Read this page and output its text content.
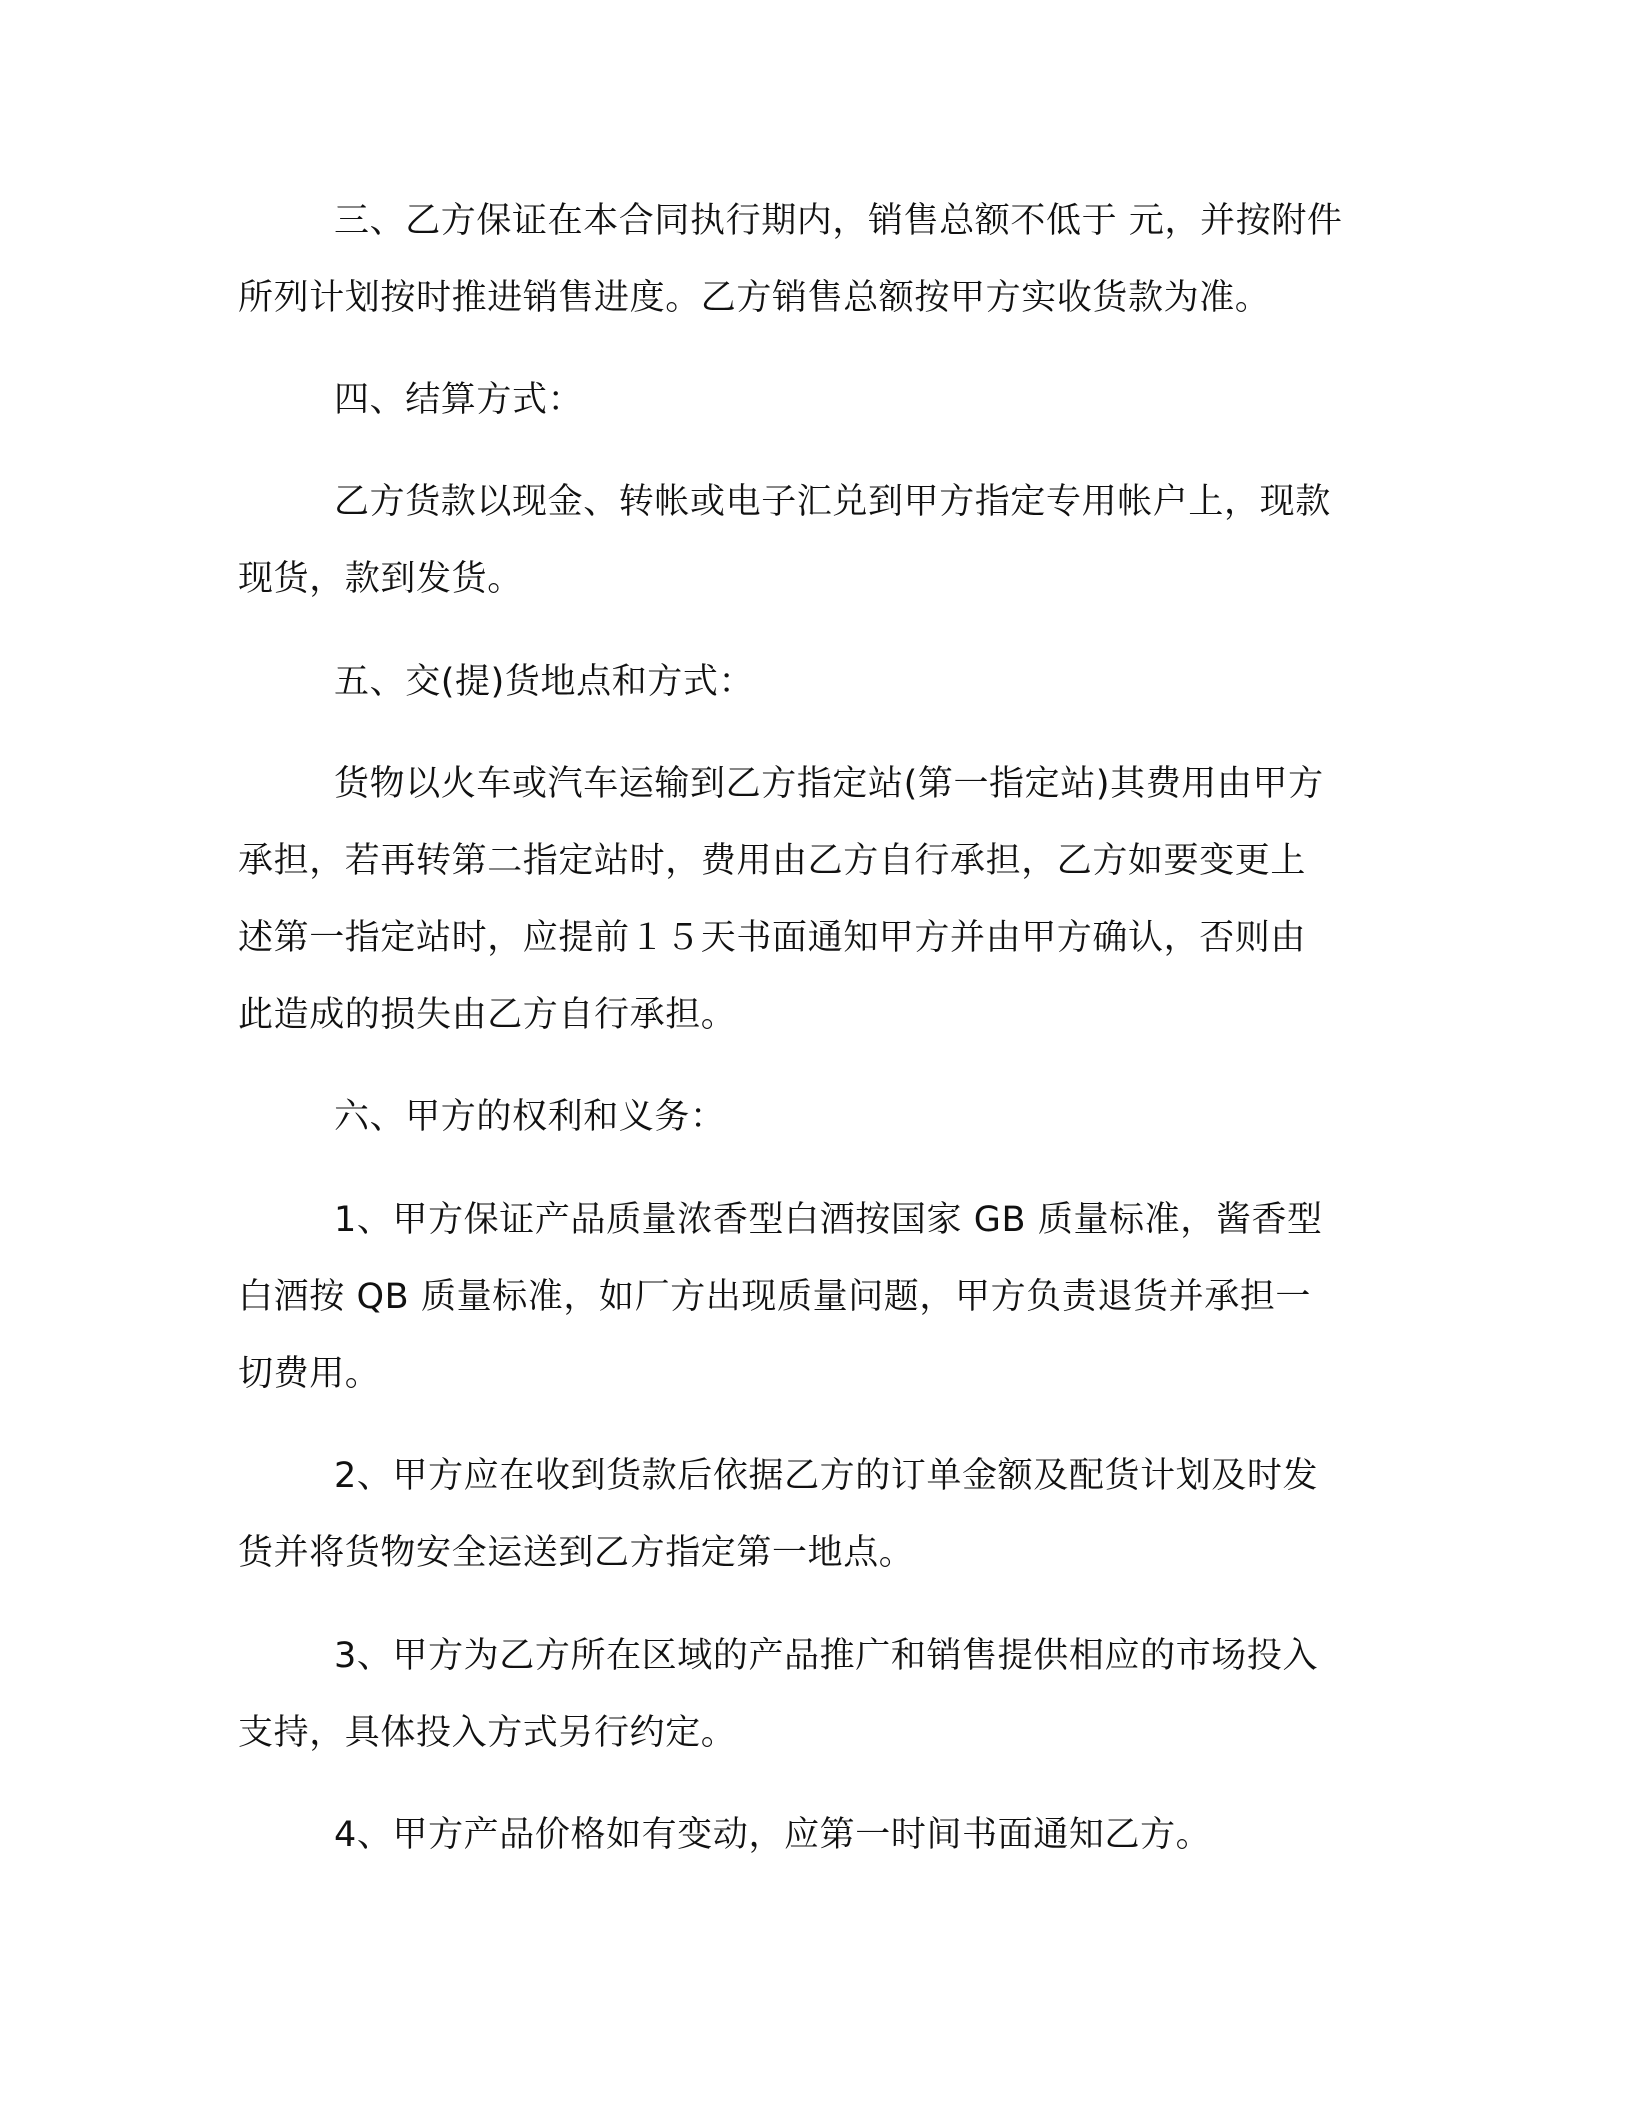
三、乙方保证在本合同执行期内，销售总额不低于 元，并按附件

所列计划按时推进销售进度。乙方销售总额按甲方实收货款为准。

四、结算方式：

乙方货款以现金、转帐或电子汇兑到甲方指定专用帐户上，现款

现货，款到发货。

五、交(提)货地点和方式：

货物以火车或汽车运输到乙方指定站(第一指定站)其费用由甲方

承担，若再转第二指定站时，费用由乙方自行承担，乙方如要变更上

述第一指定站时，应提前１５天书面通知甲方并由甲方确认，否则由

此造成的损失由乙方自行承担。

六、甲方的权利和义务：

1、甲方保证产品质量浓香型白酒按国家 GB 质量标准，酱香型

白酒按 QB 质量标准，如厂方出现质量问题，甲方负责退货并承担一

切费用。

2、甲方应在收到货款后依据乙方的订单金额及配货计划及时发

货并将货物安全运送到乙方指定第一地点。

3、甲方为乙方所在区域的产品推广和销售提供相应的市场投入

支持，具体投入方式另行约定。

4、甲方产品价格如有变动，应第一时间书面通知乙方。
